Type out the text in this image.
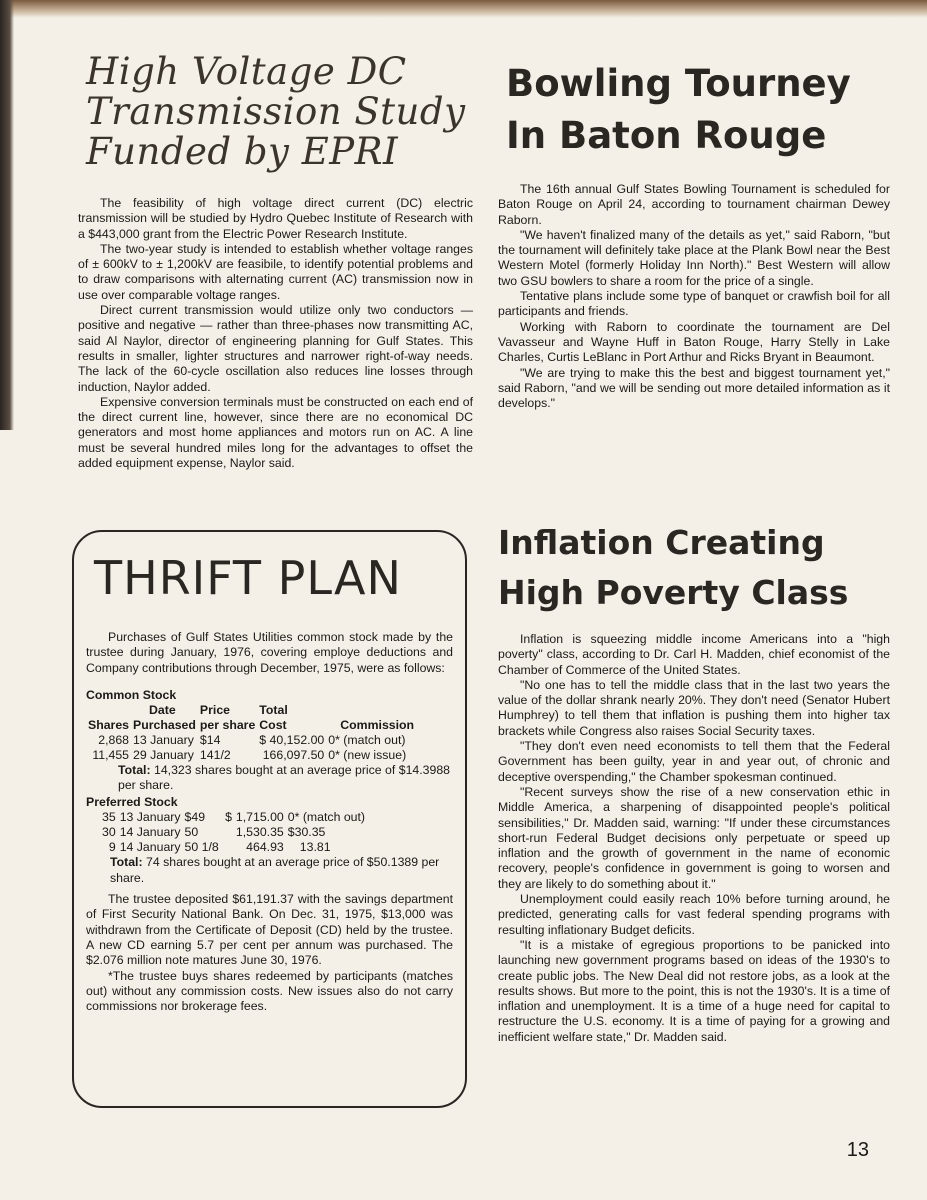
High Voltage DC
Transmission Study
Funded by EPRI

The feasibility of high voltage direct current (DC) electric transmission will be studied by Hydro Quebec Institute of Research with a $443,000 grant from the Electric Power Research Institute.

The two-year study is intended to establish whether voltage ranges of ± 600kV to ± 1,200kV are feasibile, to identify potential problems and to draw comparisons with alternating current (AC) transmission now in use over comparable voltage ranges.

Direct current transmission would utilize only two conductors — positive and negative — rather than three-phases now transmitting AC, said Al Naylor, director of engineering planning for Gulf States. This results in smaller, lighter structures and narrower right-of-way needs. The lack of the 60-cycle oscillation also reduces line losses through induction, Naylor added.

Expensive conversion terminals must be constructed on each end of the direct current line, however, since there are no economical DC generators and most home appliances and motors run on AC. A line must be several hundred miles long for the advantages to offset the added equipment expense, Naylor said.

THRIFT PLAN

Purchases of Gulf States Utilities common stock made by the trustee during January, 1976, covering employe deductions and Company contributions through December, 1975, were as follows:

Common Stock
	Date	Price	Total	
Shares	Purchased	per share	Cost	Commission
2,868	13 January	$14	$ 40,152.00	0* (match out)
11,455	29 January	141/2	166,097.50	0* (new issue)
Total: 14,323 shares bought at an average price of $14.3988 per share.
Preferred Stock
35	13 January	$49	$	1,715.00	0* (match out)
30	14 January	50		1,530.35	$30.35
9	14 January	50 1/8		464.93	13.81
Total: 74 shares bought at an average price of $50.1389 per share.

The trustee deposited $61,191.37 with the savings department of First Security National Bank. On Dec. 31, 1975, $13,000 was withdrawn from the Certificate of Deposit (CD) held by the trustee. A new CD earning 5.7 per cent per annum was purchased. The $2.076 million note matures June 30, 1976.

*The trustee buys shares redeemed by participants (matches out) without any commission costs. New issues also do not carry commissions nor brokerage fees.

Bowling Tourney
In Baton Rouge

The 16th annual Gulf States Bowling Tournament is scheduled for Baton Rouge on April 24, according to tournament chairman Dewey Raborn.

"We haven't finalized many of the details as yet," said Raborn, "but the tournament will definitely take place at the Plank Bowl near the Best Western Motel (formerly Holiday Inn North)." Best Western will allow two GSU bowlers to share a room for the price of a single.

Tentative plans include some type of banquet or crawfish boil for all participants and friends.

Working with Raborn to coordinate the tournament are Del Vavasseur and Wayne Huff in Baton Rouge, Harry Stelly in Lake Charles, Curtis LeBlanc in Port Arthur and Ricks Bryant in Beaumont.

"We are trying to make this the best and biggest tournament yet," said Raborn, "and we will be sending out more detailed information as it develops."

Inflation Creating
High Poverty Class

Inflation is squeezing middle income Americans into a "high poverty" class, according to Dr. Carl H. Madden, chief economist of the Chamber of Commerce of the United States.

"No one has to tell the middle class that in the last two years the value of the dollar shrank nearly 20%. They don't need (Senator Hubert Humphrey) to tell them that inflation is pushing them into higher tax brackets while Congress also raises Social Security taxes.

"They don't even need economists to tell them that the Federal Government has been guilty, year in and year out, of chronic and deceptive overspending," the Chamber spokesman continued.

"Recent surveys show the rise of a new conservation ethic in Middle America, a sharpening of disappointed people's political sensibilities," Dr. Madden said, warning: "If under these circumstances short-run Federal Budget decisions only perpetuate or speed up inflation and the growth of government in the name of economic recovery, people's confidence in government is going to worsen and they are likely to do something about it."

Unemployment could easily reach 10% before turning around, he predicted, generating calls for vast federal spending programs with resulting inflationary Budget deficits.

"It is a mistake of egregious proportions to be panicked into launching new government programs based on ideas of the 1930's to create public jobs. The New Deal did not restore jobs, as a look at the results shows. But more to the point, this is not the 1930's. It is a time of inflation and unemployment. It is a time of a huge need for capital to restructure the U.S. economy. It is a time of paying for a growing and inefficient welfare state," Dr. Madden said.

13
